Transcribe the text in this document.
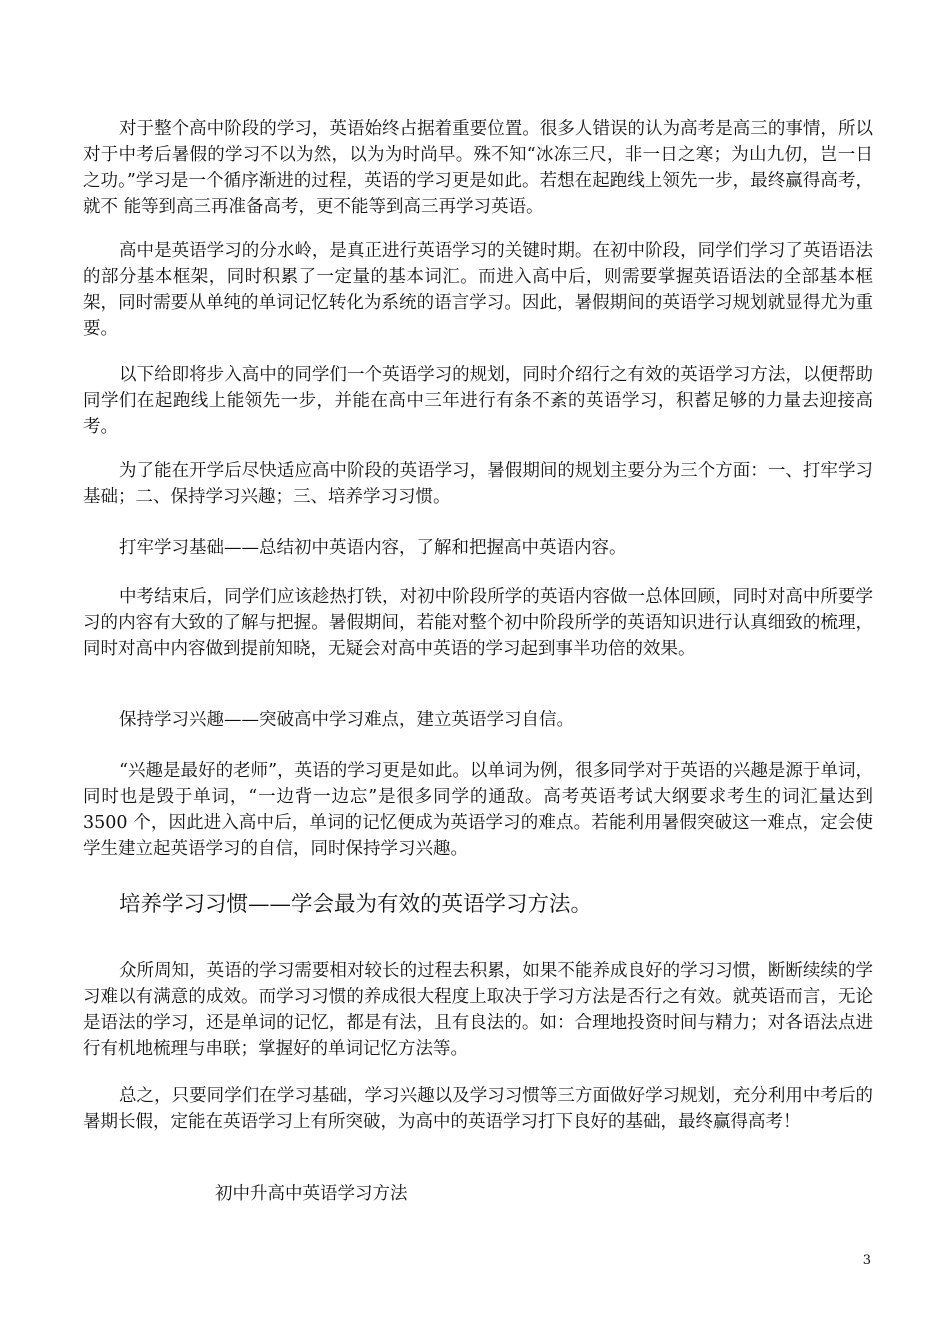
对于整个高中阶段的学习，英语始终占据着重要位置。很多人错误的认为高考是高三的事情，所以对于中考后暑假的学习不以为然，以为为时尚早。殊不知“冰冻三尺，非一日之寒；为山九仞，岂一日之功。”学习是一个循序渐进的过程，英语的学习更是如此。若想在起跑线上领先一步，最终赢得高考，就不 能等到高三再准备高考，更不能等到高三再学习英语。

高中是英语学习的分水岭，是真正进行英语学习的关键时期。在初中阶段，同学们学习了英语语法的部分基本框架，同时积累了一定量的基本词汇。而进入高中后，则需要掌握英语语法的全部基本框架，同时需要从单纯的单词记忆转化为系统的语言学习。因此，暑假期间的英语学习规划就显得尤为重要。

以下给即将步入高中的同学们一个英语学习的规划，同时介绍行之有效的英语学习方法，以便帮助同学们在起跑线上能领先一步，并能在高中三年进行有条不紊的英语学习，积蓄足够的力量去迎接高考。

为了能在开学后尽快适应高中阶段的英语学习，暑假期间的规划主要分为三个方面：一、打牢学习基础；二、保持学习兴趣；三、培养学习习惯。

打牢学习基础——总结初中英语内容，了解和把握高中英语内容。

中考结束后，同学们应该趁热打铁，对初中阶段所学的英语内容做一总体回顾，同时对高中所要学习的内容有大致的了解与把握。暑假期间，若能对整个初中阶段所学的英语知识进行认真细致的梳理，同时对高中内容做到提前知晓，无疑会对高中英语的学习起到事半功倍的效果。

保持学习兴趣——突破高中学习难点，建立英语学习自信。

“兴趣是最好的老师”，英语的学习更是如此。以单词为例，很多同学对于英语的兴趣是源于单词，同时也是毁于单词，“一边背一边忘”是很多同学的通敌。高考英语考试大纲要求考生的词汇量达到 3500 个，因此进入高中后，单词的记忆便成为英语学习的难点。若能利用暑假突破这一难点，定会使学生建立起英语学习的自信，同时保持学习兴趣。

培养学习习惯——学会最为有效的英语学习方法。

众所周知，英语的学习需要相对较长的过程去积累，如果不能养成良好的学习习惯，断断续续的学习难以有满意的成效。而学习习惯的养成很大程度上取决于学习方法是否行之有效。就英语而言，无论是语法的学习，还是单词的记忆，都是有法，且有良法的。如：合理地投资时间与精力；对各语法点进行有机地梳理与串联；掌握好的单词记忆方法等。

总之，只要同学们在学习基础，学习兴趣以及学习习惯等三方面做好学习规划，充分利用中考后的暑期长假，定能在英语学习上有所突破，为高中的英语学习打下良好的基础，最终赢得高考！

初中升高中英语学习方法

3
